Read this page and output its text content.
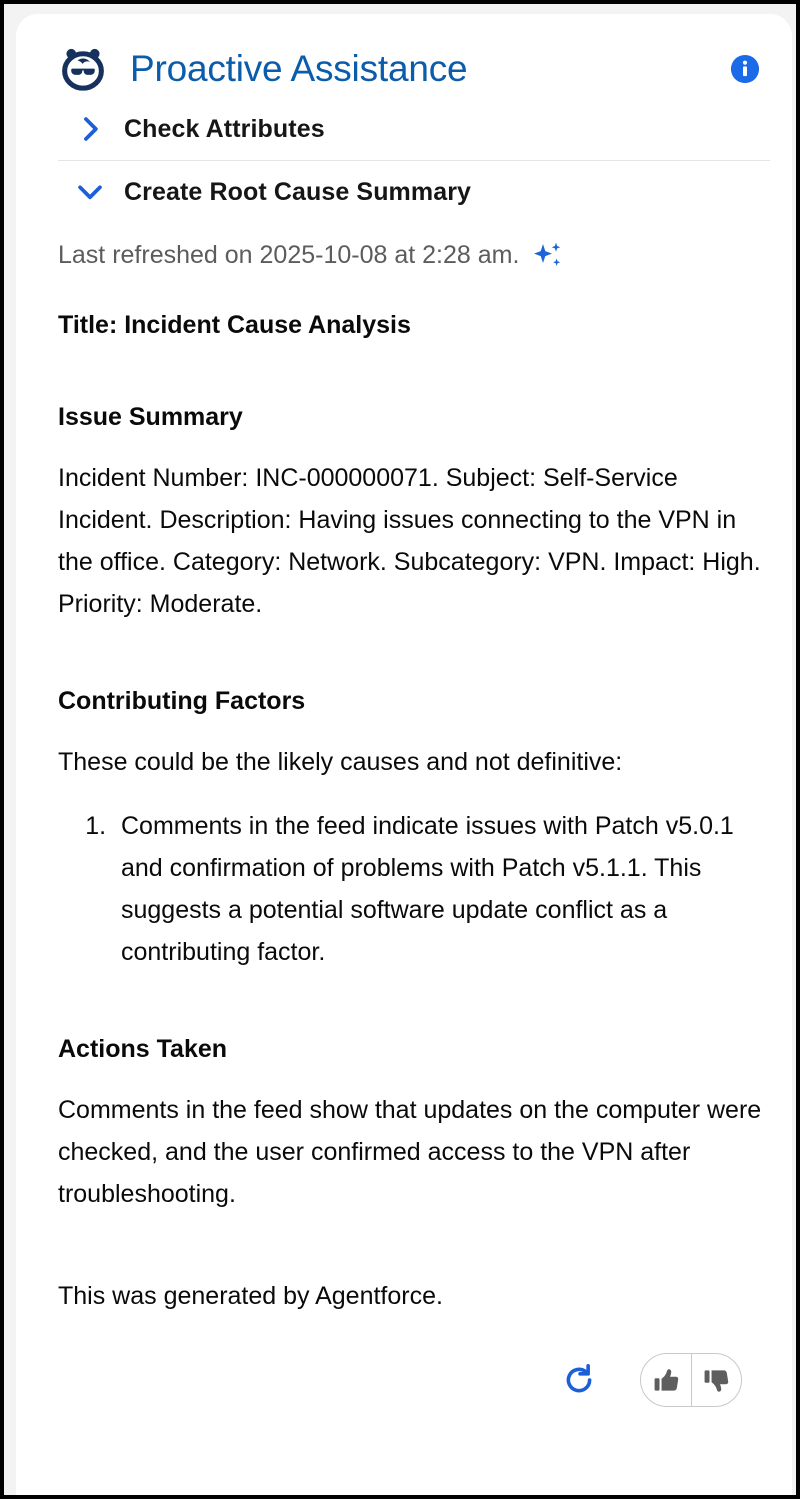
Proactive Assistance
Check Attributes
Create Root Cause Summary
Last refreshed on 2025-10-08 at 2:28 am.
Title: Incident Cause Analysis
Issue Summary

Incident Number: INC-000000071. Subject: Self-Service Incident. Description: Having issues connecting to the VPN in the office. Category: Network. Subcategory: VPN. Impact: High. Priority: Moderate.

Contributing Factors

These could be the likely causes and not definitive:

1. Comments in the feed indicate issues with Patch v5.0.1 and confirmation of problems with Patch v5.1.1. This suggests a potential software update conflict as a contributing factor.
Actions Taken

Comments in the feed show that updates on the computer were checked, and the user confirmed access to the VPN after troubleshooting.

This was generated by Agentforce.
